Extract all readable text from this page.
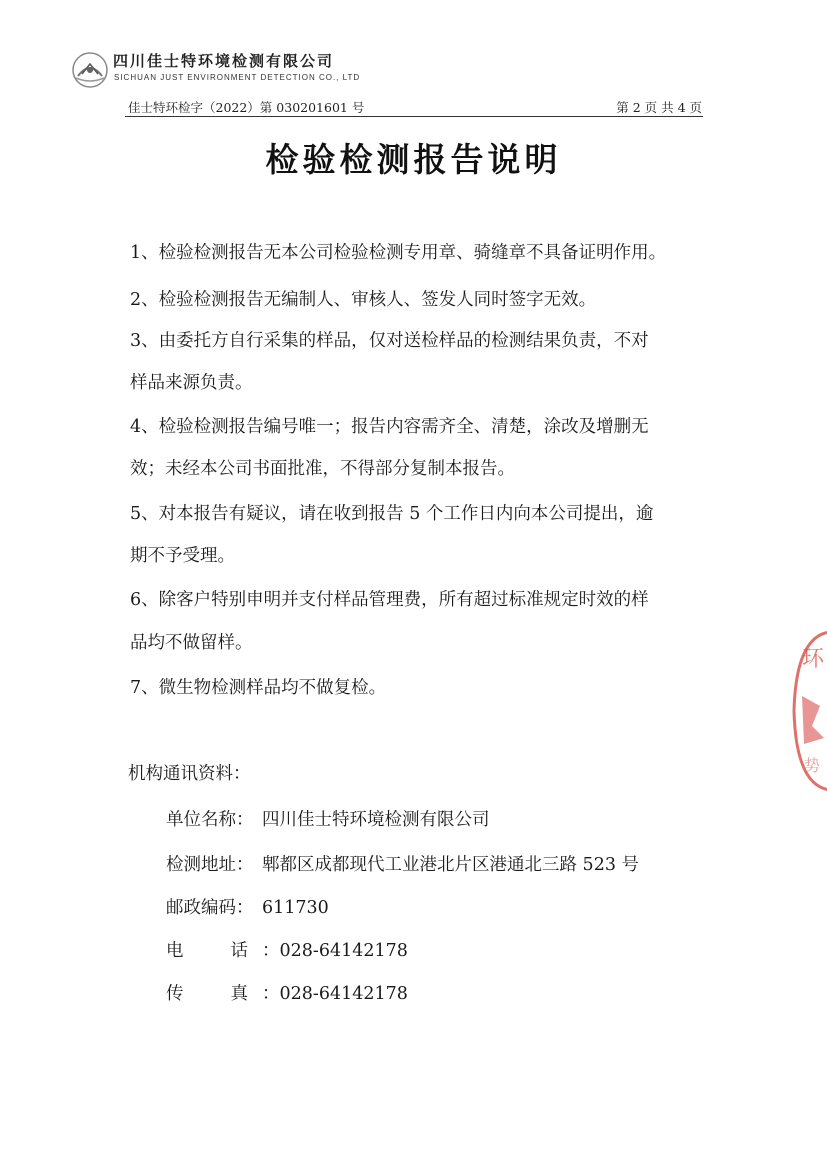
四川佳士特环境检测有限公司
SICHUAN JUST ENVIRONMENT DETECTION CO., LTD
佳士特环检字（2022）第 030201601 号	第 2 页 共 4 页
检验检测报告说明
1、检验检测报告无本公司检验检测专用章、骑缝章不具备证明作用。
2、检验检测报告无编制人、审核人、签发人同时签字无效。
3、由委托方自行采集的样品，仅对送检样品的检测结果负责，不对
样品来源负责。
4、检验检测报告编号唯一；报告内容需齐全、清楚，涂改及增删无
效；未经本公司书面批准，不得部分复制本报告。
5、对本报告有疑议，请在收到报告 5 个工作日内向本公司提出，逾
期不予受理。
6、除客户特别申明并支付样品管理费，所有超过标准规定时效的样
品均不做留样。
7、微生物检测样品均不做复检。
机构通讯资料：
单位名称： 四川佳士特环境检测有限公司
检测地址： 郫都区成都现代工业港北片区港通北三路 523 号
邮政编码： 611730
电话 ：028-64142178
传真 ：028-64142178
环
势
